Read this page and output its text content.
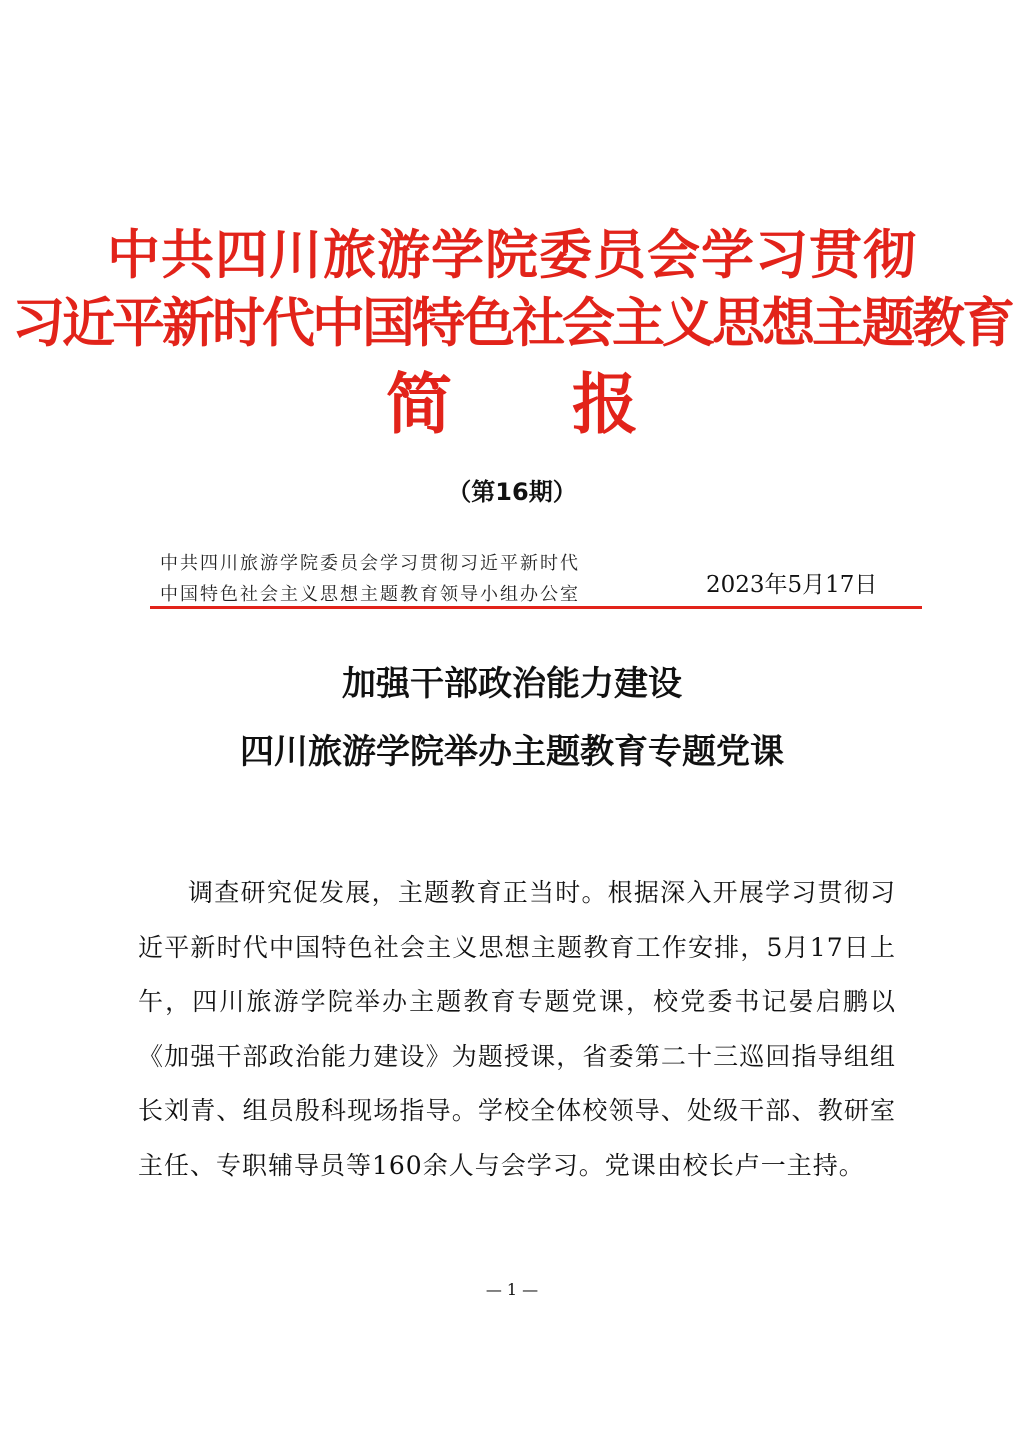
中共四川旅游学院委员会学习贯彻
习近平新时代中国特色社会主义思想主题教育
简报
（第16期）
中共四川旅游学院委员会学习贯彻习近平新时代
中国特色社会主义思想主题教育领导小组办公室	2023年5月17日
加强干部政治能力建设
四川旅游学院举办主题教育专题党课

调查研究促发展，主题教育正当时。根据深入开展学习贯彻习近平新时代中国特色社会主义思想主题教育工作安排，5月17日上午，四川旅游学院举办主题教育专题党课，校党委书记晏启鹏以《加强干部政治能力建设》为题授课，省委第二十三巡回指导组组长刘青、组员殷科现场指导。学校全体校领导、处级干部、教研室主任、专职辅导员等160余人与会学习。党课由校长卢一主持。

— 1 —
